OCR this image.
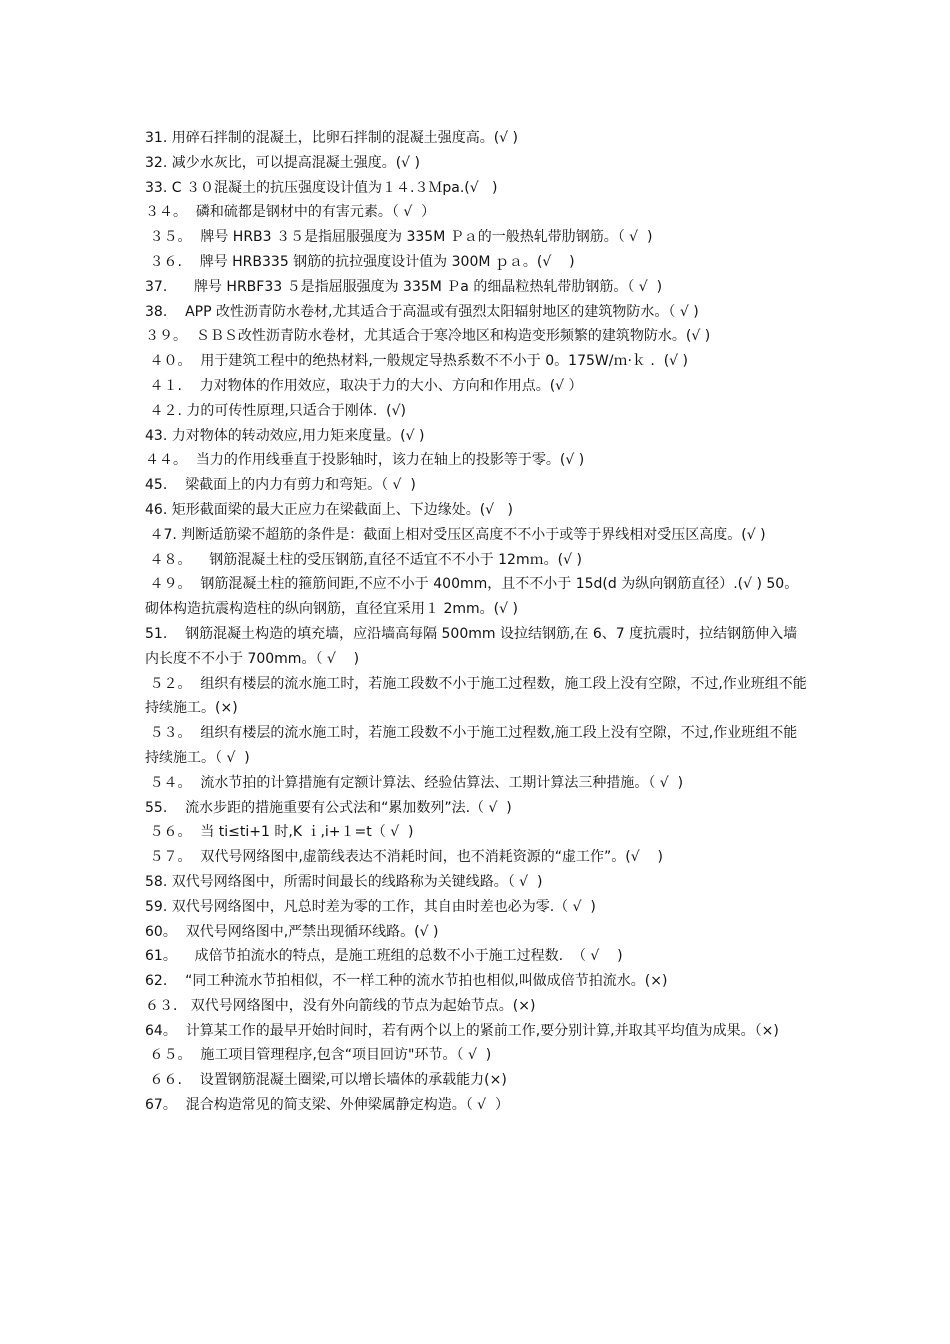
31. 用碎石拌制的混凝土，比卵石拌制的混凝土强度高。(√ )
32. 减少水灰比，可以提高混凝土强度。(√ )
33. C ３０混凝土的抗压强度设计值为１４.３Ｍpa.(√   )
３４。  磷和硫都是钢材中的有害元素。（ √  ）
３５。  牌号 HRB3 ３５是指屈服强度为 335M Ｐａ的一般热轧带肋钢筋。（ √  )
３６.    牌号 HRB335 钢筋的抗拉强度设计值为 300M ｐａ。(√    )
37.      牌号 HRBF33 ５是指屈服强度为 335M Ｐa 的细晶粒热轧带肋钢筋。（ √  )
38.    APP 改性沥青防水卷材,尤其适合于高温或有强烈太阳辐射地区的建筑物防水。（ √ )
３９。  ＳＢＳ改性沥青防水卷材，尤其适合于寒冷地区和构造变形频繁的建筑物防水。(√ )
４０。  用于建筑工程中的绝热材料,一般规定导热系数不不小于 0。175W/ｍ·ｋ .  (√ )
４１.    力对物体的作用效应，取决于力的大小、方向和作用点。(√ ）
４２. 力的可传性原理,只适合于刚体.  (√)
43. 力对物体的转动效应,用力矩来度量。(√ )
４４。  当力的作用线垂直于投影轴时，该力在轴上的投影等于零。(√ )
45.    梁截面上的内力有剪力和弯矩。（ √  )
46. 矩形截面梁的最大正应力在梁截面上、下边缘处。(√   )
４7. 判断适筋梁不超筋的条件是：截面上相对受压区高度不不小于或等于界线相对受压区高度。(√ )
４８。    钢筋混凝土柱的受压钢筋,直径不适宜不不小于 12mｍ。(√ )
４９。  钢筋混凝土柱的箍筋间距,不应不小于 400mm，且不不小于 15d(d 为纵向钢筋直径）.(√ ) 50。    砌体构造抗震构造柱的纵向钢筋，直径宜采用１ 2mm。(√ )
51.    钢筋混凝土构造的填充墙，应沿墙高每隔 500mm 设拉结钢筋,在 6、7 度抗震时，拉结钢筋伸入墙内长度不不小于 700mm。（ √    )
５２。  组织有楼层的流水施工时，若施工段数不小于施工过程数，施工段上没有空隙，不过,作业班组不能持续施工。(×)
５３。  组织有楼层的流水施工时，若施工段数不小于施工过程数,施工段上没有空隙，不过,作业班组不能持续施工。（ √  )
５４。  流水节拍的计算措施有定额计算法、经验估算法、工期计算法三种措施。（ √  )
55.    流水步距的措施重要有公式法和“累加数列”法.（ √  )
５６。  当 ti≤ti+1 时,K ｉ,i+１=t（ √  )
５７。  双代号网络图中,虚箭线表达不消耗时间，也不消耗资源的“虚工作”。(√    )
58. 双代号网络图中，所需时间最长的线路称为关键线路。（ √  )
59. 双代号网络图中，凡总时差为零的工作，其自由时差也必为零.（ √  )
60。  双代号网络图中,严禁出现循环线路。(√ )
61。    成倍节拍流水的特点，是施工班组的总数不小于施工过程数.  （ √    )
62.    “同工种流水节拍相似，不一样工种的流水节拍也相似,叫做成倍节拍流水。(×)
６３.   双代号网络图中，没有外向箭线的节点为起始节点。(×)
64。  计算某工作的最早开始时间时，若有两个以上的紧前工作,要分别计算,并取其平均值为成果。（×)
６５。  施工项目管理程序,包含“项目回访"环节。（ √  )
６６.    设置钢筋混凝土圈梁,可以增长墙体的承载能力(×)
67。  混合构造常见的简支梁、外伸梁属静定构造。（ √  ）
